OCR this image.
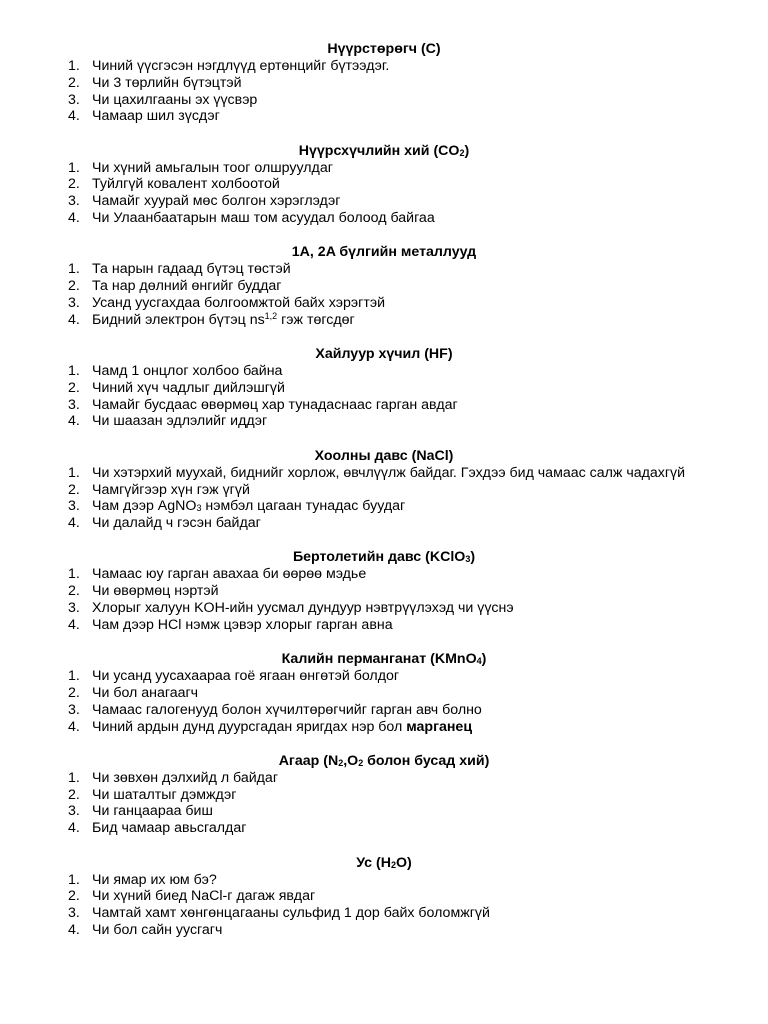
Нүүрстөрөгч (C)
1. Чиний үүсгэсэн нэгдлүүд ертөнцийг бүтээдэг.
2. Чи 3 төрлийн бүтэцтэй
3. Чи цахилгааны эх үүсвэр
4. Чамаар шил зүсдэг
Нүүрсхүчлийн хий $(CO_2)$
1. Чи хүний амьгалын тоог олшруулдаг
2. Туйлгүй ковалент холбоотой
3. Чамайг хуурай мөс болгон хэрэглэдэг
4. Чи Улаанбаатарын маш том асуудал болоод байгаа
1A, 2A бүлгийн металлууд
1. Та нарын гадаад бүтэц төстэй
2. Та нар дөлний өнгийг буддаг
3. Усанд уусгахдаа болгоомжтой байх хэрэгтэй
4. Бидний электрон бүтэц ns$^{1,2}$ гэж төгсдөг
Хайлуур хүчил (HF)
1. Чамд 1 онцлог холбоо байна
2. Чиний хүч чадлыг дийлэшгүй
3. Чамайг бусдаас өвөрмөц хар тунадаснаас гарган авдаг
4. Чи шаазан эдлэлийг иддэг
Хоолны давс (NaCl)
1. Чи хэтэрхий муухай, биднийг хорлож, өвчлүүлж байдаг. Гэхдээ бид чамаас салж чадахгүй
2. Чамгүйгээр хүн гэж үгүй
3. Чам дээр AgNO$_3$ нэмбэл цагаан тунадас буудаг
4. Чи далайд ч гэсэн байдаг
Бертолетийн давс (KClO$_3$)
1. Чамаас юу гарган авахаа би өөрөө мэдье
2. Чи өвөрмөц нэртэй
3. Хлорыг халуун KOH-ийн уусмал дундуур нэвтрүүлэхэд чи үүснэ
4. Чам дээр HCl нэмж цэвэр хлорыг гарган авна
Калийн перманганат (KMnO$_4$)
1. Чи усанд уусахаараа гоё ягаан өнгөтэй болдог
2. Чи бол анагаагч
3. Чамаас галогенууд болон хүчилтөрөгчийг гарган авч болно
4. Чиний ардын дунд дуурсгадан яригдах нэр бол марганец
Агаар ($N_2,O_2$ болон бусад хий)
1. Чи зөвхөн дэлхийд л байдаг
2. Чи шаталтыг дэмждэг
3. Чи ганцаараа биш
4. Бид чамаар авьсгалдаг
Ус $(H_2O)$
1. Чи ямар их юм бэ?
2. Чи хүний биед NaCl-г дагаж явдаг
3. Чамтай хамт хөнгөнцагааны сульфид 1 дор байх боломжгүй
4. Чи бол сайн уусгагч
